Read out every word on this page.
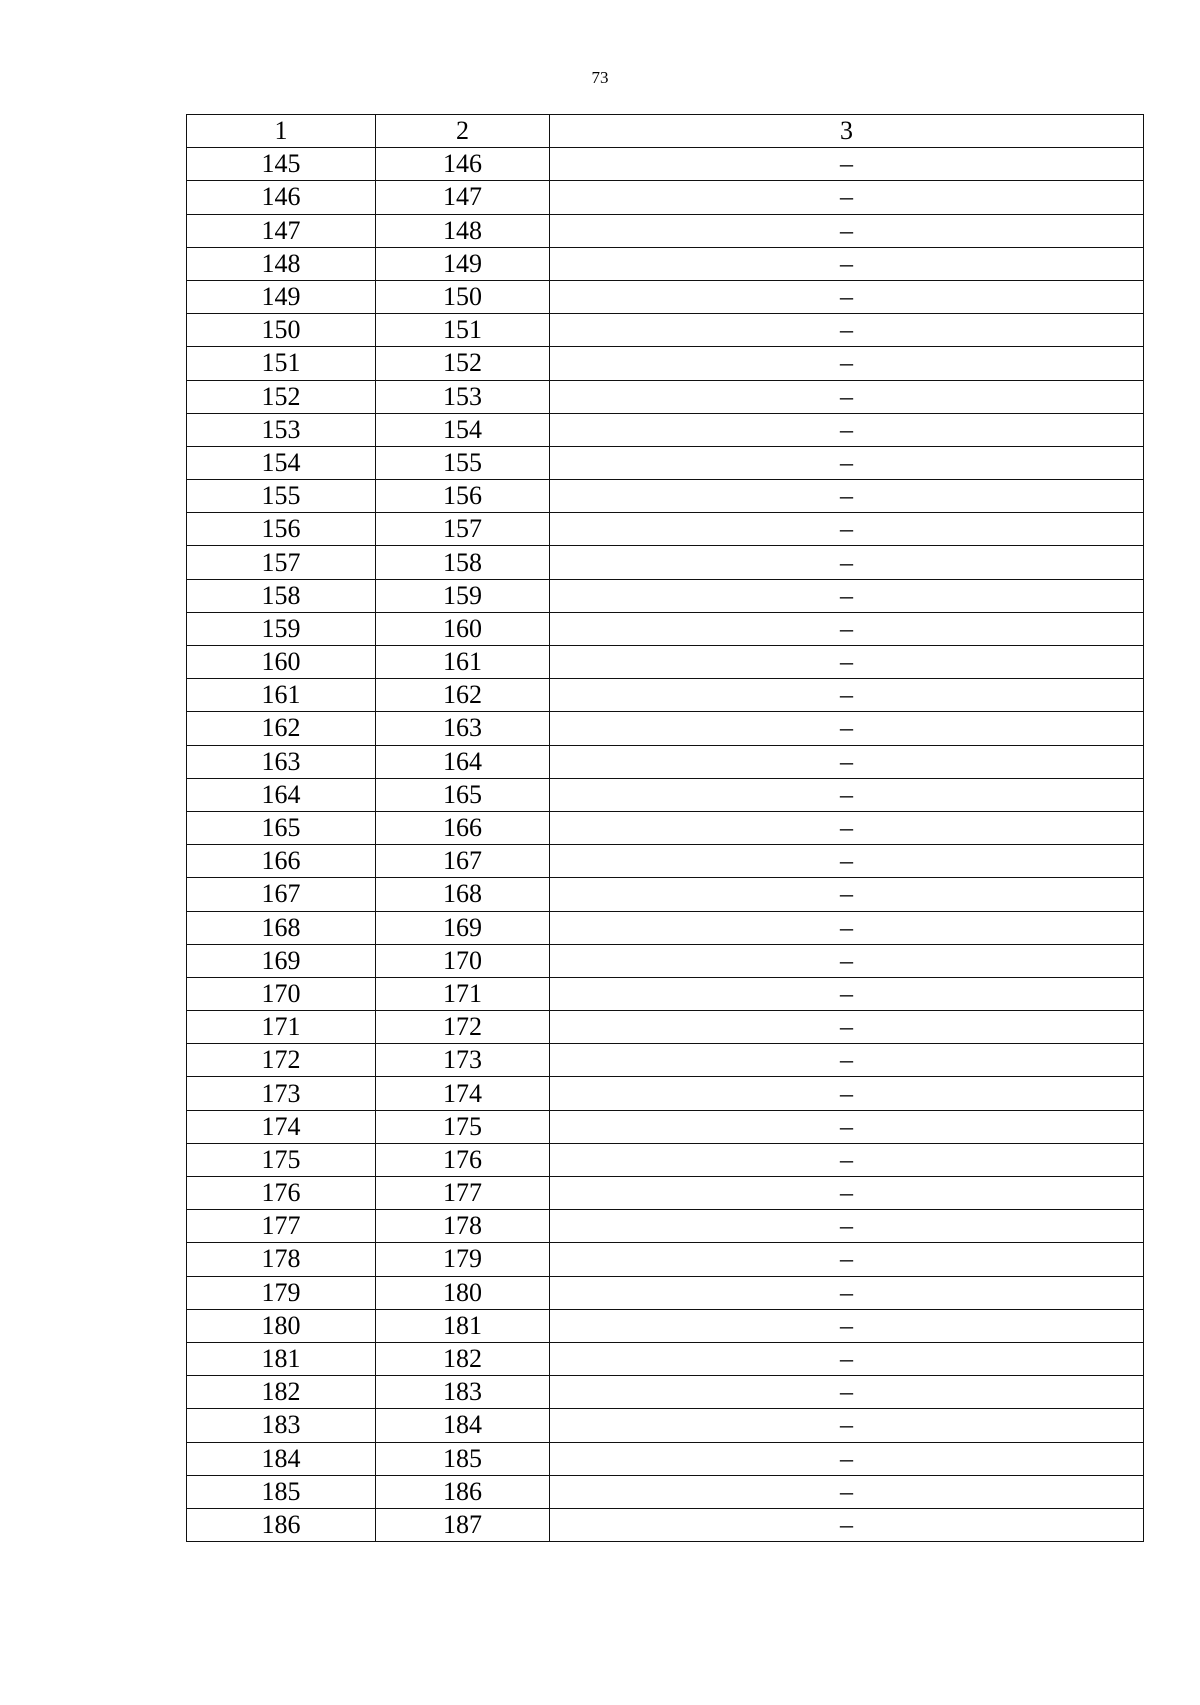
73
1	2	3
145	146	–
146	147	–
147	148	–
148	149	–
149	150	–
150	151	–
151	152	–
152	153	–
153	154	–
154	155	–
155	156	–
156	157	–
157	158	–
158	159	–
159	160	–
160	161	–
161	162	–
162	163	–
163	164	–
164	165	–
165	166	–
166	167	–
167	168	–
168	169	–
169	170	–
170	171	–
171	172	–
172	173	–
173	174	–
174	175	–
175	176	–
176	177	–
177	178	–
178	179	–
179	180	–
180	181	–
181	182	–
182	183	–
183	184	–
184	185	–
185	186	–
186	187	–
